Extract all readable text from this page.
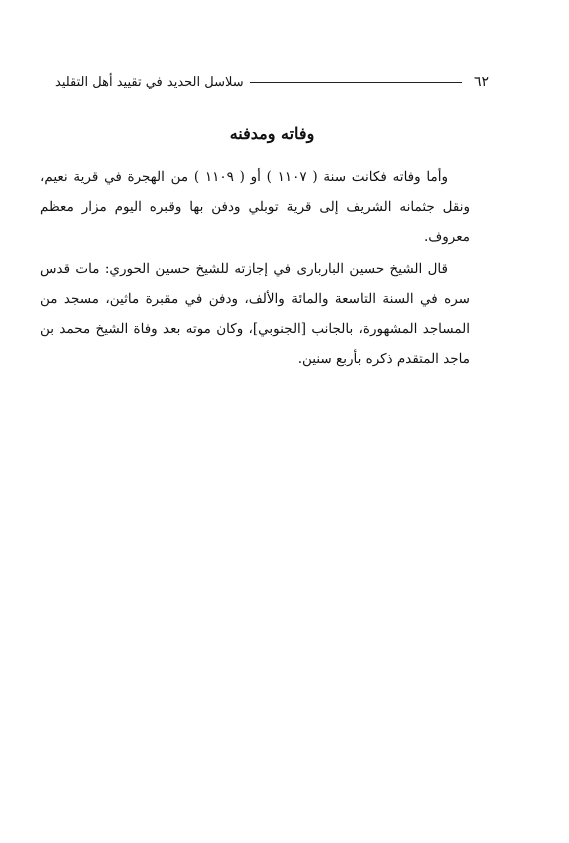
٦٢
سلاسل الحديد في تقييد أهل التقليد
وفاته ومدفنه

وأما وفاته فكانت سنة ( ١١٠٧ ) أو ( ١١٠٩ ) من الهجرة في قرية نعيم، ونقل جثمانه الشريف إلى قرية توبلي ودفن بها وقبره اليوم مزار معظم معروف.

قال الشيخ حسين الباربارى في إجازته للشيخ حسين الحوري: مات قدس سره في السنة التاسعة والمائة والألف، ودفن في مقبرة ماثين، مسجد من المساجد المشهورة، بالجانب [الجنوبي]، وكان موته بعد وفاة الشيخ محمد بن ماجد المتقدم ذكره بأربع سنين.
